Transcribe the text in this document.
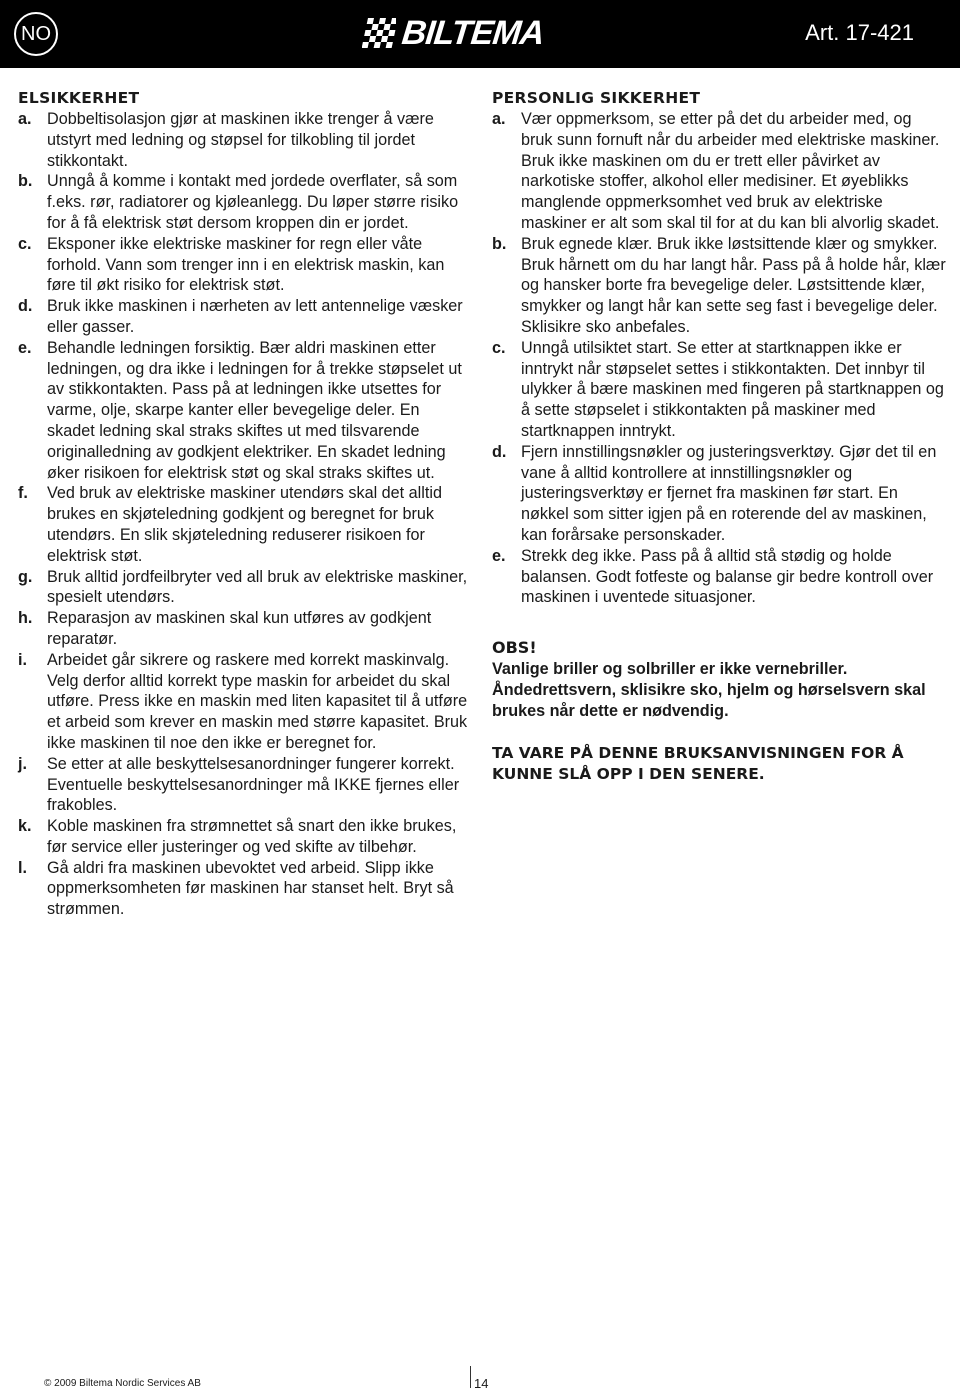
NO	BILTEMA	Art. 17-421
ELSIKKERHET
a. Dobbeltisolasjon gjør at maskinen ikke trenger å være utstyrt med ledning og støpsel for tilkobling til jordet stikkontakt.
b. Unngå å komme i kontakt med jordede overflater, så som f.eks. rør, radiatorer og kjøleanlegg. Du løper større risiko for å få elektrisk støt dersom kroppen din er jordet.
c. Eksponer ikke elektriske maskiner for regn eller våte forhold. Vann som trenger inn i en elektrisk maskin, kan føre til økt risiko for elektrisk støt.
d. Bruk ikke maskinen i nærheten av lett antennelige væsker eller gasser.
e. Behandle ledningen forsiktig. Bær aldri maskinen etter ledningen, og dra ikke i ledningen for å trekke støpselet ut av stikkontakten. Pass på at ledningen ikke utsettes for varme, olje, skarpe kanter eller bevegelige deler. En skadet ledning skal straks skiftes ut med tilsvarende originalledning av godkjent elektriker. En skadet ledning øker risikoen for elektrisk støt og skal straks skiftes ut.
f. Ved bruk av elektriske maskiner utendørs skal det alltid brukes en skjøteledning godkjent og beregnet for bruk utendørs. En slik skjøteledning reduserer risikoen for elektrisk støt.
g. Bruk alltid jordfeilbryter ved all bruk av elektriske maskiner, spesielt utendørs.
h. Reparasjon av maskinen skal kun utføres av godkjent reparatør.
i. Arbeidet går sikrere og raskere med korrekt maskinvalg. Velg derfor alltid korrekt type maskin for arbeidet du skal utføre. Press ikke en maskin med liten kapasitet til å utføre et arbeid som krever en maskin med større kapasitet. Bruk ikke maskinen til noe den ikke er beregnet for.
j. Se etter at alle beskyttelsesanordninger fungerer korrekt. Eventuelle beskyttelsesanordninger må IKKE fjernes eller frakobles.
k. Koble maskinen fra strømnettet så snart den ikke brukes, før service eller justeringer og ved skifte av tilbehør.
l. Gå aldri fra maskinen ubevoktet ved arbeid. Slipp ikke oppmerksomheten før maskinen har stanset helt. Bryt så strømmen.
PERSONLIG SIKKERHET
a. Vær oppmerksom, se etter på det du arbeider med, og bruk sunn fornuft når du arbeider med elektriske maskiner. Bruk ikke maskinen om du er trett eller påvirket av narkotiske stoffer, alkohol eller medisiner. Et øyeblikks manglende oppmerksomhet ved bruk av elektriske maskiner er alt som skal til for at du kan bli alvorlig skadet.
b. Bruk egnede klær. Bruk ikke løstsittende klær og smykker. Bruk hårnett om du har langt hår. Pass på å holde hår, klær og hansker borte fra bevegelige deler. Løstsittende klær, smykker og langt hår kan sette seg fast i bevegelige deler. Sklisikre sko anbefales.
c. Unngå utilsiktet start. Se etter at startknappen ikke er inntrykt når støpselet settes i stikkontakten. Det innbyr til ulykker å bære maskinen med fingeren på startknappen og å sette støpselet i stikkontakten på maskiner med startknappen inntrykt.
d. Fjern innstillingsnøkler og justeringsverktøy. Gjør det til en vane å alltid kontrollere at innstillingsnøkler og justeringsverktøy er fjernet fra maskinen før start. En nøkkel som sitter igjen på en roterende del av maskinen, kan forårsake personskader.
e. Strekk deg ikke. Pass på å alltid stå stødig og holde balansen. Godt fotfeste og balanse gir bedre kontroll over maskinen i uventede situasjoner.
OBS!
Vanlige briller og solbriller er ikke vernebriller. Åndedrettsvern, sklisikre sko, hjelm og hørselsvern skal brukes når dette er nødvendig.
TA VARE PÅ DENNE BRUKSANVISNINGEN FOR Å KUNNE SLÅ OPP I DEN SENERE.
© 2009 Biltema Nordic Services AB	14
